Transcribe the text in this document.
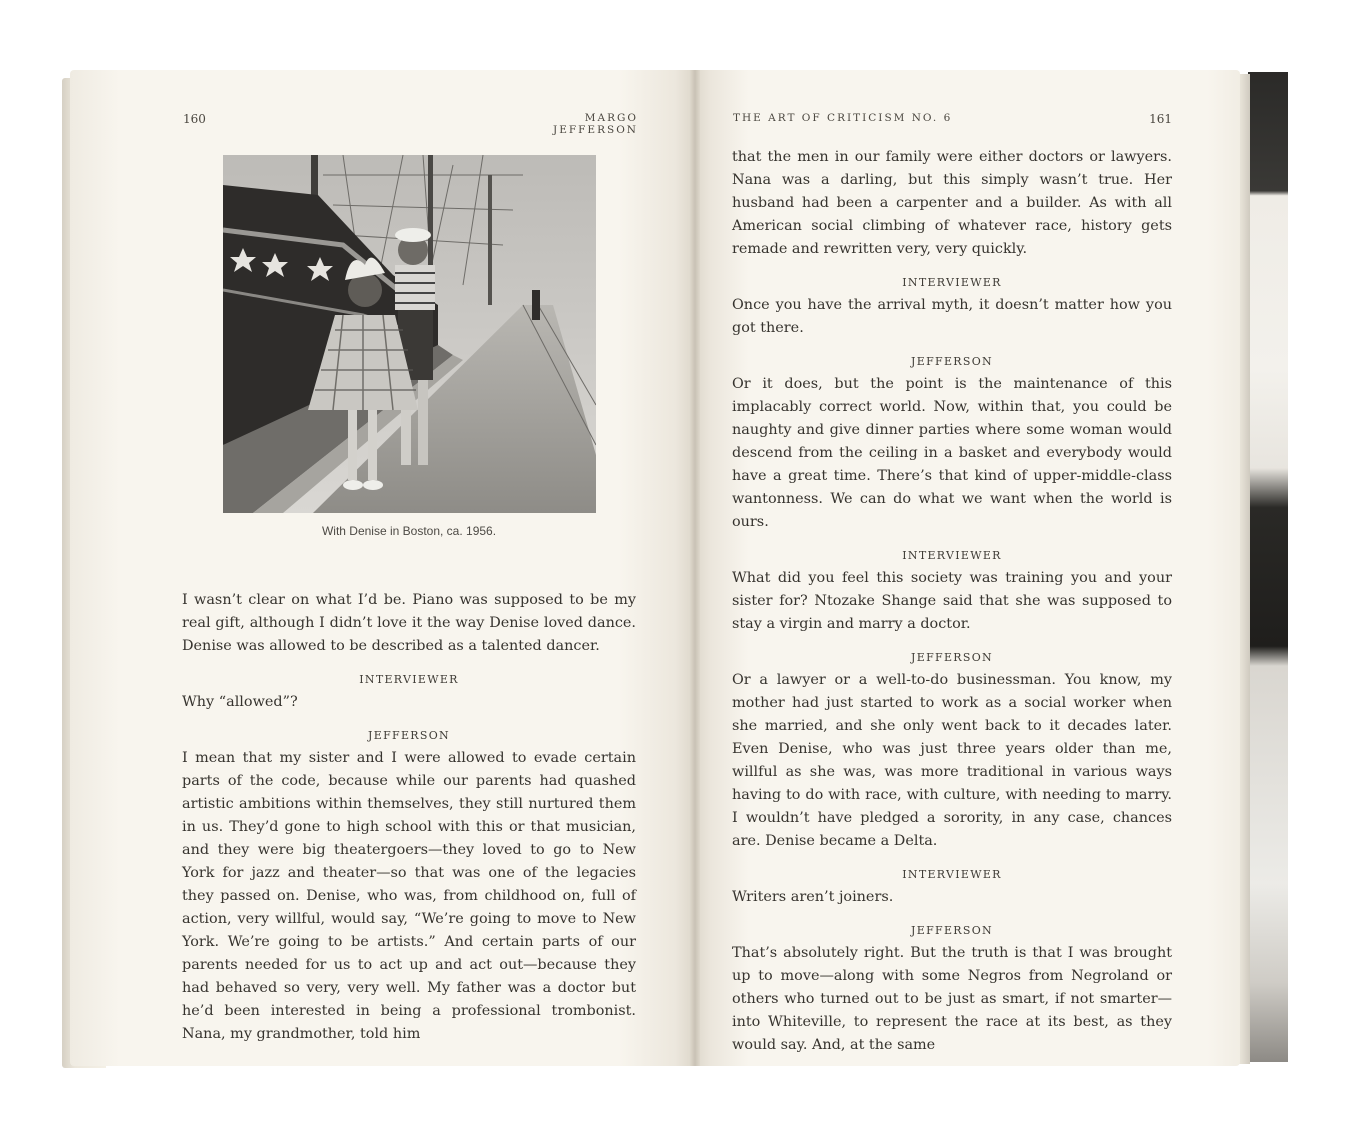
160	MARGO JEFFERSON
THE ART OF CRITICISM NO. 6	161
With Denise in Boston, ca. 1956.

I wasn’t clear on what I’d be. Piano was supposed to be my real gift, although I didn’t love it the way Denise loved dance. Denise was allowed to be described as a talented dancer.

INTERVIEWER

Why “allowed”?

JEFFERSON

I mean that my sister and I were allowed to evade certain parts of the code, because while our parents had quashed artistic ambitions within themselves, they still nurtured them in us. They’d gone to high school with this or that musician, and they were big theatergoers—they loved to go to New York for jazz and theater—so that was one of the legacies they passed on. Denise, who was, from childhood on, full of action, very willful, would say, “We’re going to move to New York. We’re going to be artists.” And certain parts of our parents needed for us to act up and act out—because they had behaved so very, very well. My father was a doctor but he’d been interested in being a professional trombonist. Nana, my grandmother, told him

that the men in our family were either doctors or lawyers. Nana was a darling, but this simply wasn’t true. Her husband had been a carpenter and a builder. As with all American social climbing of whatever race, history gets remade and rewritten very, very quickly.

INTERVIEWER

Once you have the arrival myth, it doesn’t matter how you got there.

JEFFERSON

Or it does, but the point is the maintenance of this implacably correct world. Now, within that, you could be naughty and give dinner parties where some woman would descend from the ceiling in a basket and everybody would have a great time. There’s that kind of upper-middle-class wantonness. We can do what we want when the world is ours.

INTERVIEWER

What did you feel this society was training you and your sister for? Ntozake Shange said that she was supposed to stay a virgin and marry a doctor.

JEFFERSON

Or a lawyer or a well-to-do businessman. You know, my mother had just started to work as a social worker when she married, and she only went back to it decades later. Even Denise, who was just three years older than me, willful as she was, was more traditional in various ways having to do with race, with culture, with needing to marry. I wouldn’t have pledged a sorority, in any case, chances are. Denise became a Delta.

INTERVIEWER

Writers aren’t joiners.

JEFFERSON

That’s absolutely right. But the truth is that I was brought up to move—along with some Negros from Negroland or others who turned out to be just as smart, if not smarter—into Whiteville, to represent the race at its best, as they would say. And, at the same
